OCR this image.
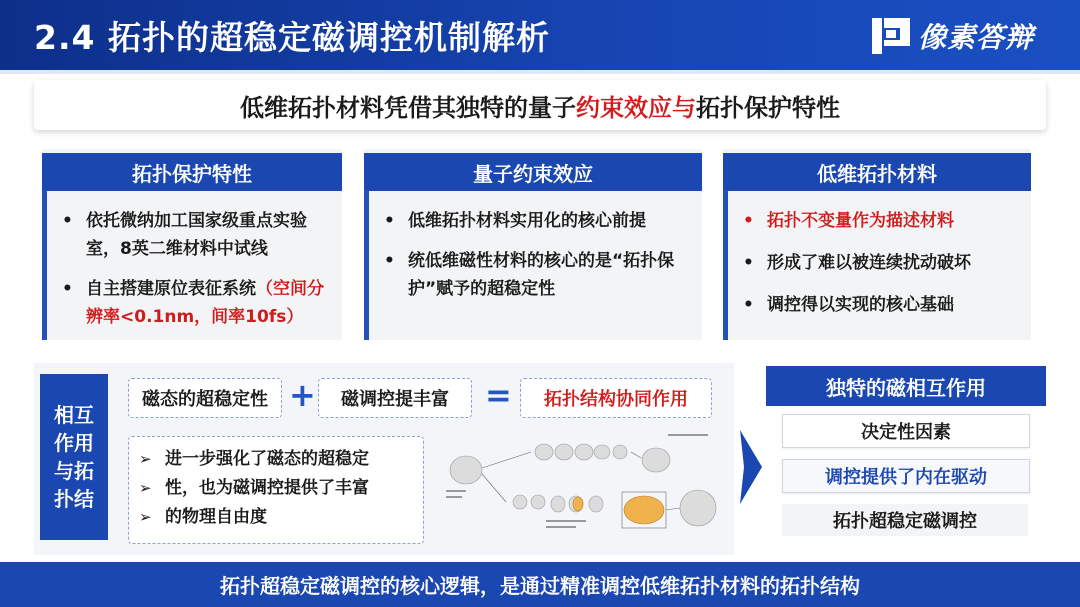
2.4 拓扑的超稳定磁调控机制解析	像素答辩
低维拓扑材料凭借其独特的量子 约束效应与 拓扑保护特性
拓扑保护特性
• 依托微纳加工国家级重点实验室，8英二维材料中试线
• 自主搭建原位表征系统（空间分辨率<0.1nm，间率10fs）
量子约束效应
• 低维拓扑材料实用化的核心前提
• 统低维磁性材料的核心的是“拓扑保护”赋予的超稳定性
低维拓扑材料
• 拓扑不变量作为描述材料
• 形成了难以被连续扰动破坏
• 调控得以实现的核心基础
相互作用与拓扑结
磁态的超稳定性 +	磁调控提丰富	=	拓扑结构协同作用
➢ 进一步强化了磁态的超稳定
➢ 性，也为磁调控提供了丰富
➢ 的物理自由度
独特的磁相互作用
决定性因素
调控提供了内在驱动
拓扑超稳定磁调控
拓扑超稳定磁调控的核心逻辑，是通过精准调控低维拓扑材料的拓扑结构
